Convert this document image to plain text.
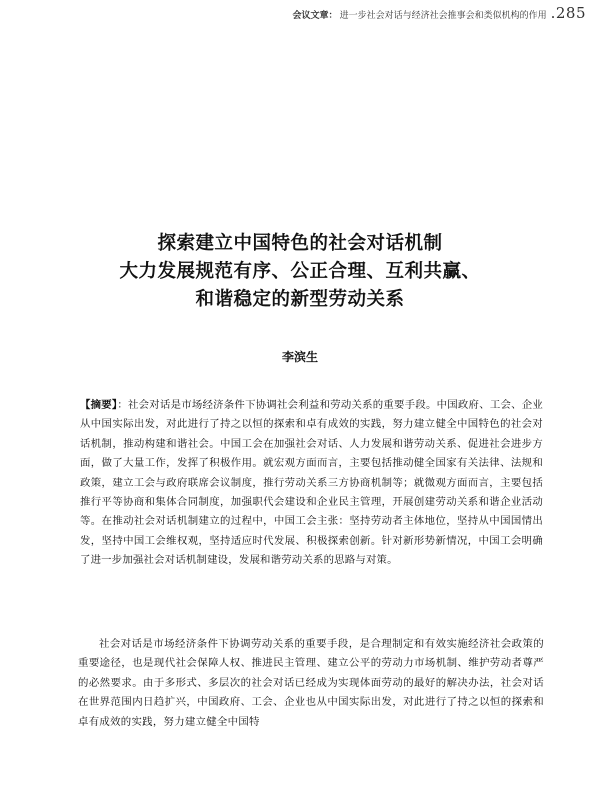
会议文章： 进一步社会对话与经济社会推事会和类似机构的作用 .285
探索建立中国特色的社会对话机制
大力发展规范有序、公正合理、互利共赢、
和谐稳定的新型劳动关系
李滨生
【摘要】：社会对话是市场经济条件下协调社会利益和劳动关系的重要手段。中国政府、工会、企业从中国实际出发，对此进行了持之以恒的探索和卓有成效的实践，努力建立健全中国特色的社会对话机制，推动构建和谐社会。中国工会在加强社会对话、人力发展和谐劳动关系、促进社会进步方面，做了大量工作，发挥了积极作用。就宏观方面而言，主要包括推动健全国家有关法律、法规和政策，建立工会与政府联席会议制度，推行劳动关系三方协商机制等；就微观方面而言，主要包括推行平等协商和集体合同制度，加强职代会建设和企业民主管理，开展创建劳动关系和谐企业活动等。在推动社会对话机制建立的过程中，中国工会主张：坚持劳动者主体地位，坚持从中国国情出发，坚持中国工会维权观，坚持适应时代发展、积极探索创新。针对新形势新情况，中国工会明确了进一步加强社会对话机制建设，发展和谐劳动关系的思路与对策。
社会对话是市场经济条件下协调劳动关系的重要手段，是合理制定和有效实施经济社会政策的重要途径，也是现代社会保障人权、推进民主管理、建立公平的劳动力市场机制、维护劳动者尊严的必然要求。由于多形式、多层次的社会对话已经成为实现体面劳动的最好的解决办法，社会对话在世界范围内日趋扩兴，中国政府、工会、企业也从中国实际出发，对此进行了持之以恒的探索和卓有成效的实践，努力建立健全中国特
